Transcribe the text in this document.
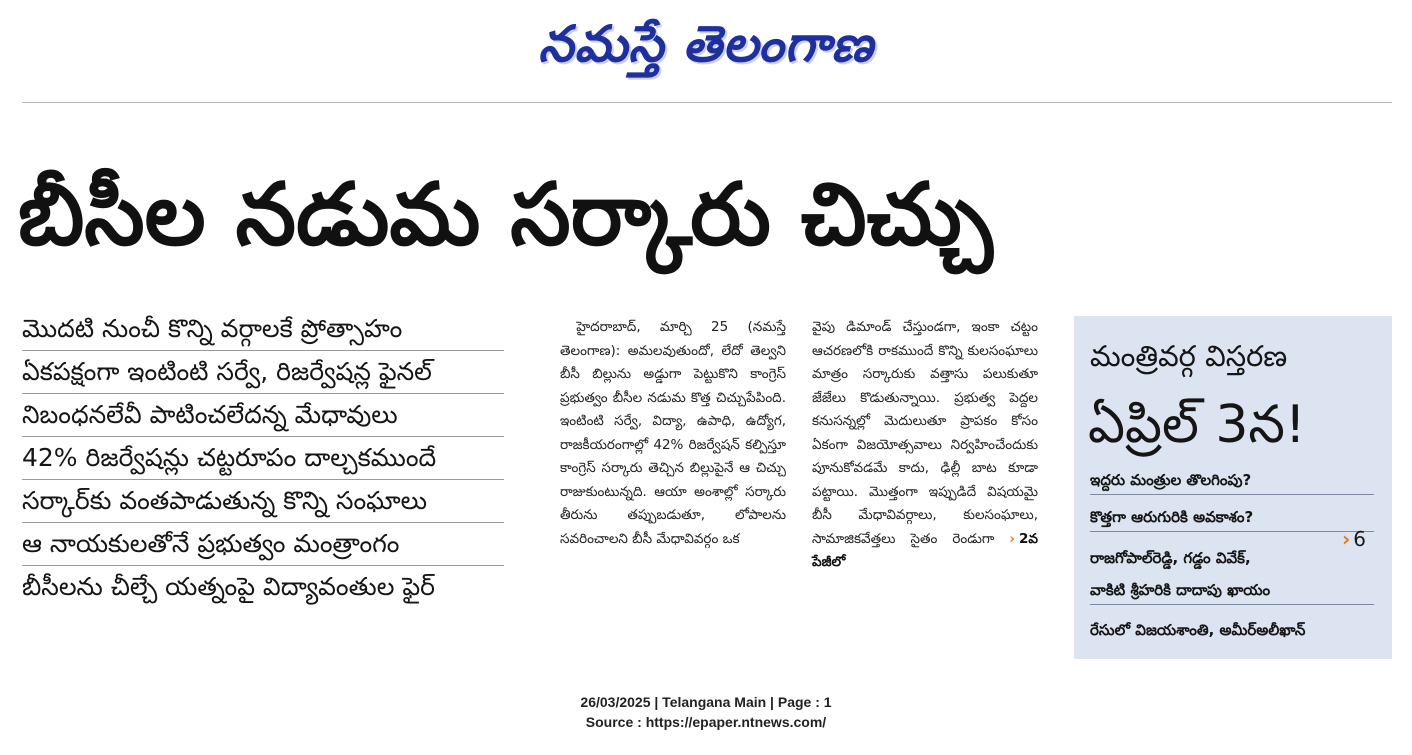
నమస్తే తెలంగాణ
బీసీల నడుమ సర్కారు చిచ్చు
మొదటి నుంచీ కొన్ని వర్గాలకే ప్రోత్సాహం
ఏకపక్షంగా ఇంటింటి సర్వే, రిజర్వేషన్ల ఫైనల్
నిబంధనలేవీ పాటించలేదన్న మేధావులు
42% రిజర్వేషన్లు చట్టరూపం దాల్చకముందే
సర్కార్‌కు వంతపాడుతున్న కొన్ని సంఘాలు
ఆ నాయకులతోనే ప్రభుత్వం మంత్రాంగం
బీసీలను చీల్చే యత్నంపై విద్యావంతుల ఫైర్
హైదరాబాద్, మార్చి 25 (నమస్తే తెలంగాణ): అమలవుతుందో, లేదో తెల్వని బీసీ బిల్లును అడ్డుగా పెట్టుకొని కాంగ్రెస్ ప్రభుత్వం బీసీల నడుమ కొత్త చిచ్చుపేపింది. ఇంటింటి సర్వే, విద్యా, ఉపాధి, ఉద్యోగ, రాజకీయరంగాల్లో 42% రిజర్వేషన్ కల్పిస్తూ కాంగ్రెస్ సర్కారు తెచ్చిన బిల్లుపైనే ఆ చిచ్చు రాజుకుంటున్నది. ఆయా అంశాల్లో సర్కారు తీరును తప్పుబడుతూ, లోపాలను సవరించాలని బీసీ మేధావివర్గం ఒక
వైపు డిమాండ్ చేస్తుండగా, ఇంకా చట్టం ఆచరణలోకి రాకముందే కొన్ని కులసంఘాలు మాత్రం సర్కారుకు వత్తాసు పలుకుతూ జేజేలు కొడుతున్నాయి. ప్రభుత్వ పెద్దల కనుసన్నల్లో మెదులుతూ ప్రాపకం కోసం ఏకంగా విజయోత్సవాలు నిర్వహించేందుకు పూనుకోవడమే కాదు, ఢిల్లీ బాట కూడా పట్టాయి. మొత్తంగా ఇప్పుడిదే విషయమై బీసీ మేధావివర్గాలు, కులసంఘాలు, సామాజికవేత్తలు సైతం రెండుగా › 2వ పేజీలో
మంత్రివర్గ విస్తరణ
ఏప్రిల్ 3న!
ఇద్దరు మంత్రుల తొలగింపు?
కొత్తగా ఆరుగురికి అవకాశం?
రాజగోపాల్‌రెడ్డి, గడ్డం వివేక్,
వాకిటి శ్రీహరికి దాదాపు ఖాయం
రేసులో విజయశాంతి, అమీర్‌అలీఖాన్
› 6
26/03/2025 | Telangana Main | Page : 1
Source : https://epaper.ntnews.com/
